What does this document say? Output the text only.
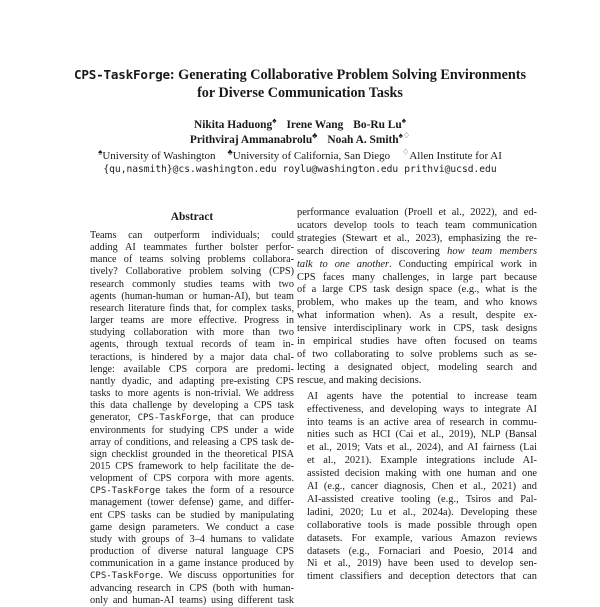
CPS-TaskForge: Generating Collaborative Problem Solving Environments
for Diverse Communication Tasks
Nikita Haduong♠ Irene Wang Bo-Ru Lu♠
Prithviraj Ammanabrolu♣ Noah A. Smith♠♢
♠University of Washington ♣University of California, San Diego ♢Allen Institute for AI
{qu,nasmith}@cs.washington.edu roylu@washington.edu prithvi@ucsd.edu
Abstract
Teams can outperform individuals; could
adding AI teammates further bolster perfor-
mance of teams solving problems collabora-
tively? Collaborative problem solving (CPS)
research commonly studies teams with two
agents (human-human or human-AI), but team
research literature finds that, for complex tasks,
larger teams are more effective. Progress in
studying collaboration with more than two
agents, through textual records of team in-
teractions, is hindered by a major data chal-
lenge: available CPS corpora are predomi-
nantly dyadic, and adapting pre-existing CPS
tasks to more agents is non-trivial. We address
this data challenge by developing a CPS task
generator, CPS-TaskForge, that can produce
environments for studying CPS under a wide
array of conditions, and releasing a CPS task de-
sign checklist grounded in the theoretical PISA
2015 CPS framework to help facilitate the de-
velopment of CPS corpora with more agents.
CPS-TaskForge takes the form of a resource
management (tower defense) game, and differ-
ent CPS tasks can be studied by manipulating
game design parameters. We conduct a case
study with groups of 3–4 humans to validate
production of diverse natural language CPS
communication in a game instance produced by
CPS-TaskForge. We discuss opportunities for
advancing research in CPS (both with human-
only and human-AI teams) using different task

performance evaluation (Proell et al., 2022), and ed-
ucators develop tools to teach team communication
strategies (Stewart et al., 2023), emphasizing the re-
search direction of discovering how team members
talk to one another. Conducting empirical work in
CPS faces many challenges, in large part because
of a large CPS task design space (e.g., what is the
problem, who makes up the team, and who knows
what information when). As a result, despite ex-
tensive interdisciplinary work in CPS, task designs
in empirical studies have often focused on teams
of two collaborating to solve problems such as se-
lecting a designated object, modeling search and
rescue, and making decisions.

AI agents have the potential to increase team
effectiveness, and developing ways to integrate AI
into teams is an active area of research in commu-
nities such as HCI (Cai et al., 2019), NLP (Bansal
et al., 2019; Vats et al., 2024), and AI fairness (Lai
et al., 2021). Example integrations include AI-
assisted decision making with one human and one
AI (e.g., cancer diagnosis, Chen et al., 2021) and
AI-assisted creative tooling (e.g., Tsiros and Pal-
ladini, 2020; Lu et al., 2024a). Developing these
collaborative tools is made possible through open
datasets. For example, various Amazon reviews
datasets (e.g., Fornaciari and Poesio, 2014 and
Ni et al., 2019) have been used to develop sen-
timent classifiers and deception detectors that can
